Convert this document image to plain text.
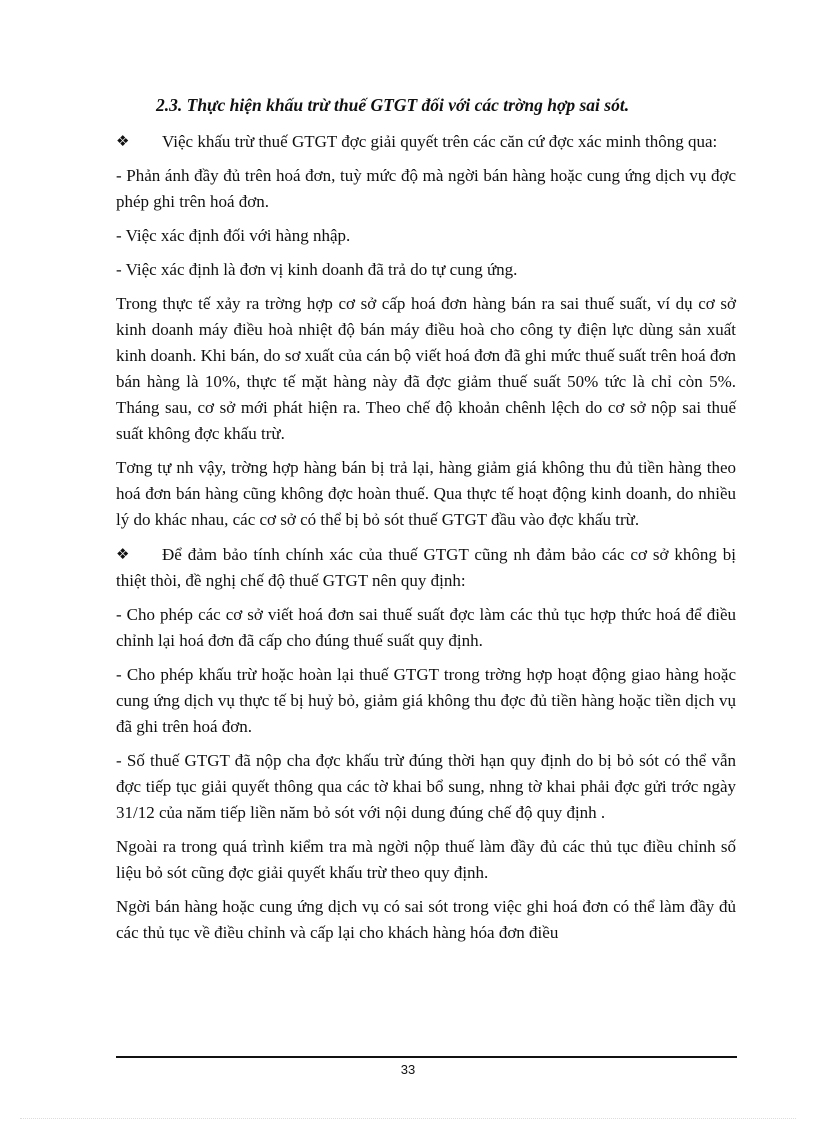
2.3. Thực hiện khấu trừ thuế GTGT đối với các trờng hợp sai sót.

❖ Việc khấu trừ thuế GTGT đợc giải quyết trên các căn cứ đợc xác minh thông qua:

- Phản ánh đầy đủ trên hoá đơn, tuỳ mức độ mà ngời bán hàng hoặc cung ứng dịch vụ đợc phép ghi trên hoá đơn.

- Việc xác định đối với hàng nhập.

- Việc xác định là đơn vị kinh doanh đã trả do tự cung ứng.

Trong thực tế xảy ra trờng hợp cơ sở cấp hoá đơn hàng bán ra sai thuế suất, ví dụ cơ sở kinh doanh máy điều hoà nhiệt độ bán máy điều hoà cho công ty điện lực dùng sản xuất kinh doanh. Khi bán, do sơ xuất của cán bộ viết hoá đơn đã ghi mức thuế suất trên hoá đơn bán hàng là 10%, thực tế mặt hàng này đã đợc giảm thuế suất 50% tức là chỉ còn 5%. Tháng sau, cơ sở mới phát hiện ra. Theo chế độ khoản chênh lệch do cơ sở nộp sai thuế suất không đợc khấu trừ.

Tơng tự nh vậy, trờng hợp hàng bán bị trả lại, hàng giảm giá không thu đủ tiền hàng theo hoá đơn bán hàng cũng không đợc hoàn thuế. Qua thực tế hoạt động kinh doanh, do nhiều lý do khác nhau, các cơ sở có thể bị bỏ sót thuế GTGT đầu vào đợc khấu trừ.

❖ Để đảm bảo tính chính xác của thuế GTGT cũng nh đảm bảo các cơ sở không bị thiệt thòi, đề nghị chế độ thuế GTGT nên quy định:

- Cho phép các cơ sở viết hoá đơn sai thuế suất đợc làm các thủ tục hợp thức hoá để điều chỉnh lại hoá đơn đã cấp cho đúng thuế suất quy định.

- Cho phép khấu trừ hoặc hoàn lại thuế GTGT trong trờng hợp hoạt động giao hàng hoặc cung ứng dịch vụ thực tế bị huỷ bỏ, giảm giá không thu đợc đủ tiền hàng hoặc tiền dịch vụ đã ghi trên hoá đơn.

- Số thuế GTGT đã nộp cha đợc khấu trừ đúng thời hạn quy định do bị bỏ sót có thể vẫn đợc tiếp tục giải quyết thông qua các tờ khai bổ sung, nhng tờ khai phải đợc gửi trớc ngày 31/12 của năm tiếp liền năm bỏ sót với nội dung đúng chế độ quy định .

Ngoài ra trong quá trình kiểm tra mà ngời nộp thuế làm đầy đủ các thủ tục điều chỉnh số liệu bỏ sót cũng đợc giải quyết khấu trừ theo quy định.

Ngời bán hàng hoặc cung ứng dịch vụ có sai sót trong việc ghi hoá đơn có thể làm đầy đủ các thủ tục về điều chỉnh và cấp lại cho khách hàng hóa đơn điều

33
